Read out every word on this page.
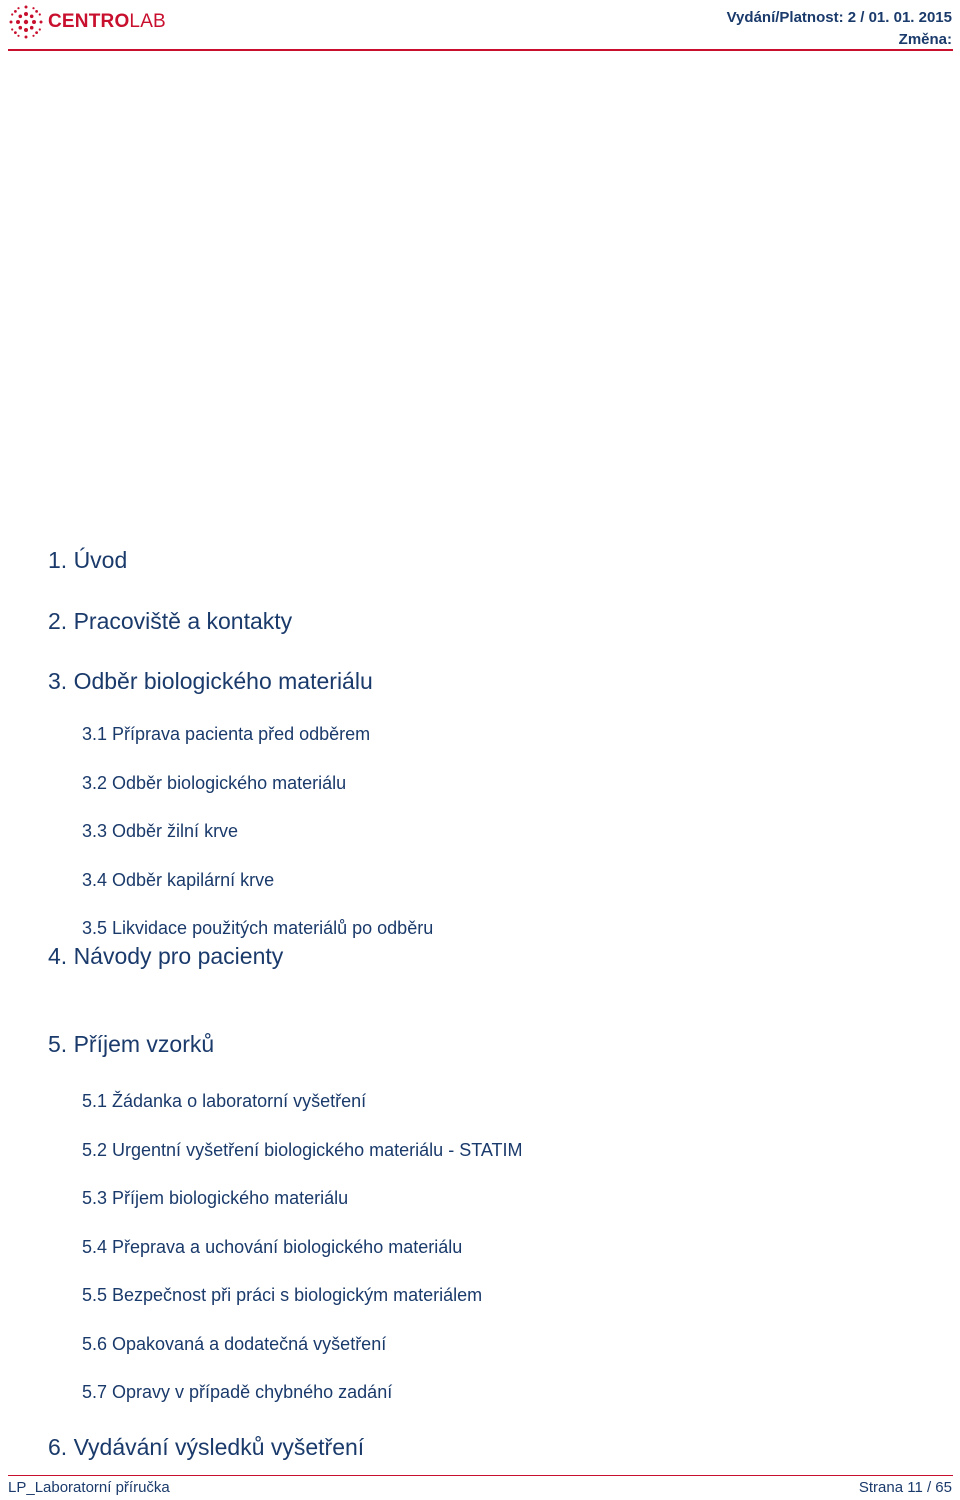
CENTROLAB	Vydání/Platnost: 2 / 01. 01. 2015
Změna:
1. Úvod
2. Pracoviště a kontakty
3. Odběr biologického materiálu
3.1 Příprava pacienta před odběrem
3.2 Odběr biologického materiálu
3.3 Odběr žilní krve
3.4 Odběr kapilární krve
3.5 Likvidace použitých materiálů po odběru
4. Návody pro pacienty
5. Příjem vzorků
5.1 Žádanka o laboratorní vyšetření
5.2 Urgentní vyšetření biologického materiálu - STATIM
5.3 Příjem biologického materiálu
5.4 Přeprava a uchování biologického materiálu
5.5 Bezpečnost při práci s biologickým materiálem
5.6 Opakovaná a dodatečná vyšetření
5.7 Opravy v případě chybného zadání
6. Vydávání výsledků vyšetření
LP_Laboratorní příručka	Strana 11 / 65
